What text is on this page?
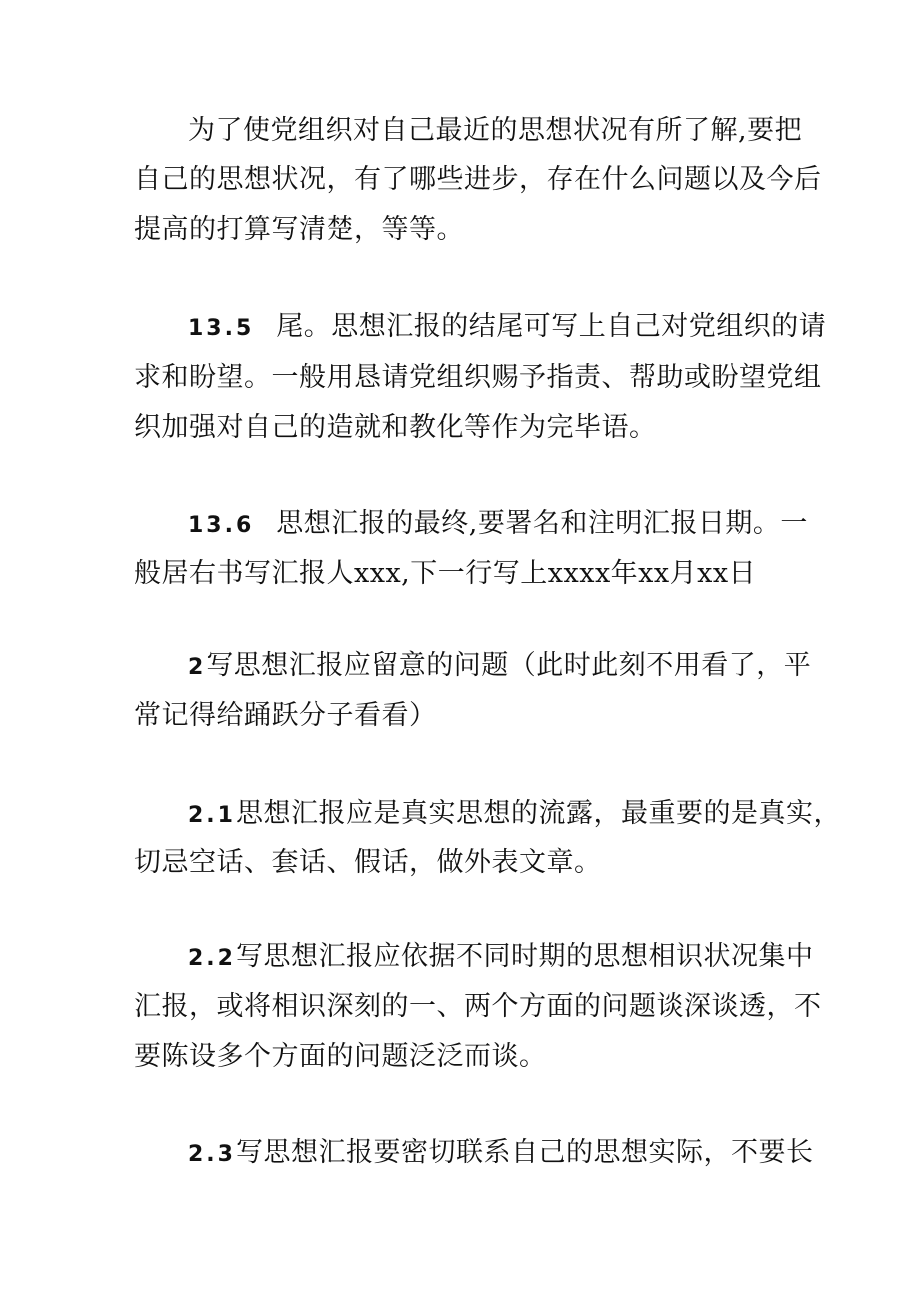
为了使党组织对自己最近的思想状况有所了解,要把
自己的思想状况，有了哪些进步，存在什么问题以及今后
提高的打算写清楚，等等。
13.5 尾。思想汇报的结尾可写上自己对党组织的请
求和盼望。一般用恳请党组织赐予指责、帮助或盼望党组
织加强对自己的造就和教化等作为完毕语。
13.6 思想汇报的最终,要署名和注明汇报日期。一
般居右书写汇报人xxx,下一行写上xxxx年xx月xx日
2写思想汇报应留意的问题（此时此刻不用看了，平
常记得给踊跃分子看看）
2.1思想汇报应是真实思想的流露，最重要的是真实，
切忌空话、套话、假话，做外表文章。
2.2写思想汇报应依据不同时期的思想相识状况集中
汇报，或将相识深刻的一、两个方面的问题谈深谈透，不
要陈设多个方面的问题泛泛而谈。
2.3写思想汇报要密切联系自己的思想实际，不要长
